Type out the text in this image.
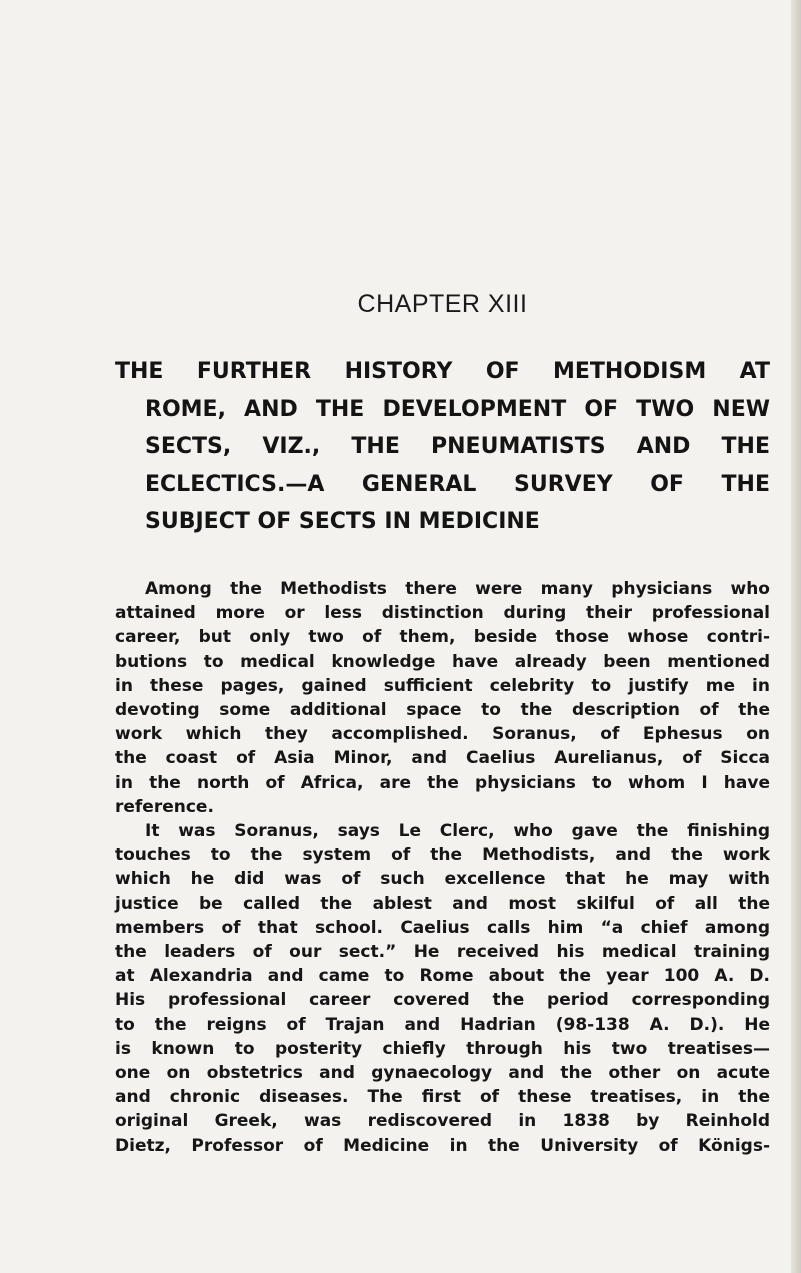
CHAPTER XIII
THE FURTHER HISTORY OF METHODISM AT
ROME, AND THE DEVELOPMENT OF TWO NEW
SECTS, VIZ., THE PNEUMATISTS AND THE
ECLECTICS.—A GENERAL SURVEY OF THE
SUBJECT OF SECTS IN MEDICINE
Among the Methodists there were many physicians who
attained more or less distinction during their professional
career, but only two of them, beside those whose contri-
butions to medical knowledge have already been mentioned
in these pages, gained sufficient celebrity to justify me in
devoting some additional space to the description of the
work which they accomplished. Soranus, of Ephesus on
the coast of Asia Minor, and Caelius Aurelianus, of Sicca
in the north of Africa, are the physicians to whom I have
reference.
It was Soranus, says Le Clerc, who gave the finishing
touches to the system of the Methodists, and the work
which he did was of such excellence that he may with
justice be called the ablest and most skilful of all the
members of that school. Caelius calls him “a chief among
the leaders of our sect.” He received his medical training
at Alexandria and came to Rome about the year 100 A. D.
His professional career covered the period corresponding
to the reigns of Trajan and Hadrian (98-138 A. D.). He
is known to posterity chiefly through his two treatises—
one on obstetrics and gynaecology and the other on acute
and chronic diseases. The first of these treatises, in the
original Greek, was rediscovered in 1838 by Reinhold
Dietz, Professor of Medicine in the University of Königs-
